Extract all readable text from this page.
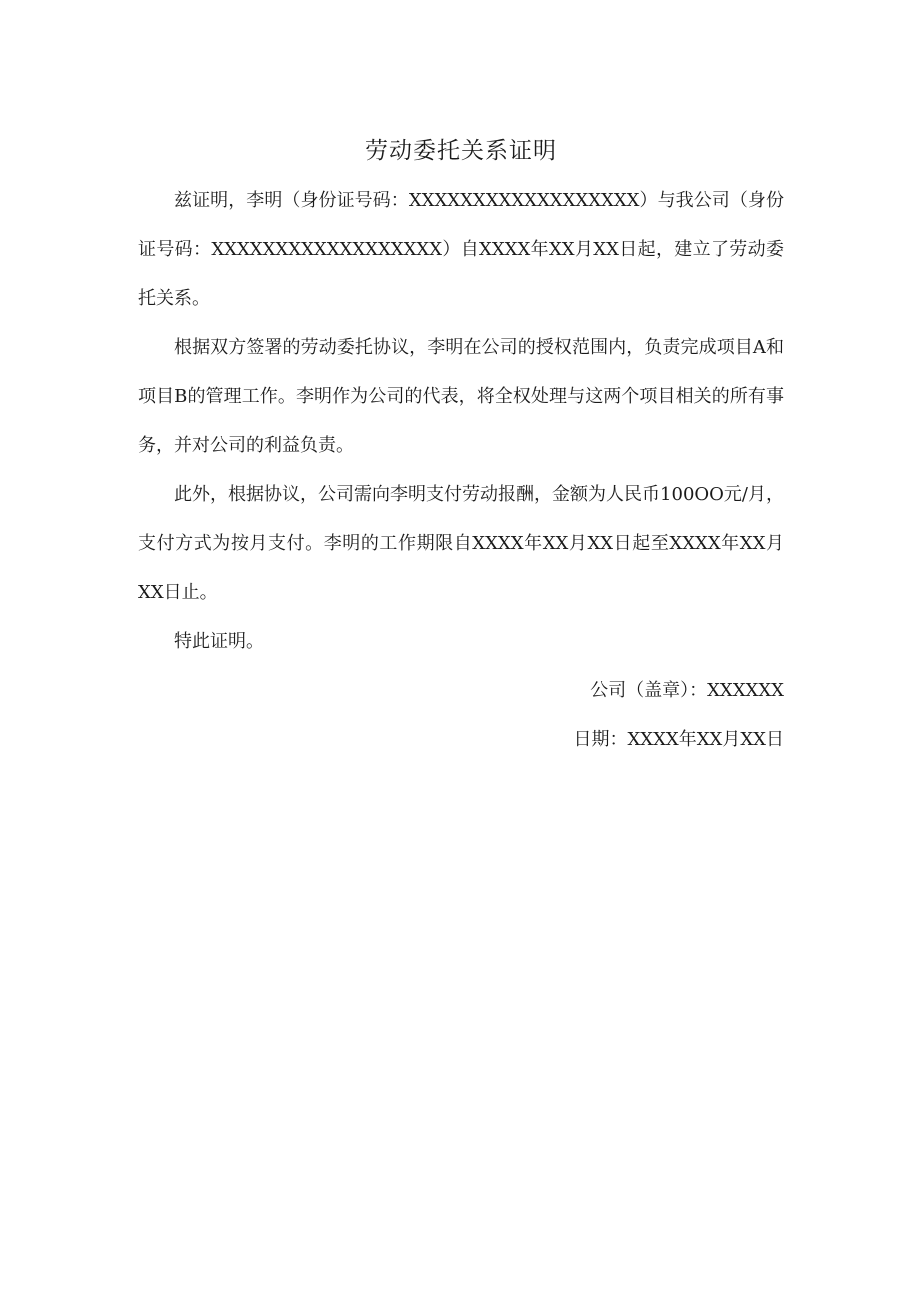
劳动委托关系证明

兹证明，李明（身份证号码：XXXXXXXXXXXXXXXXXX）与我公司（身份证号码：XXXXXXXXXXXXXXXXXX）自XXXX年XX月XX日起，建立了劳动委托关系。

根据双方签署的劳动委托协议，李明在公司的授权范围内，负责完成项目A和项目B的管理工作。李明作为公司的代表，将全权处理与这两个项目相关的所有事务，并对公司的利益负责。

此外，根据协议，公司需向李明支付劳动报酬，金额为人民币100OO元/月，支付方式为按月支付。李明的工作期限自XXXX年XX月XX日起至XXXX年XX月XX日止。

特此证明。

公司（盖章）：XXXXXX

日期：XXXX年XX月XX日
